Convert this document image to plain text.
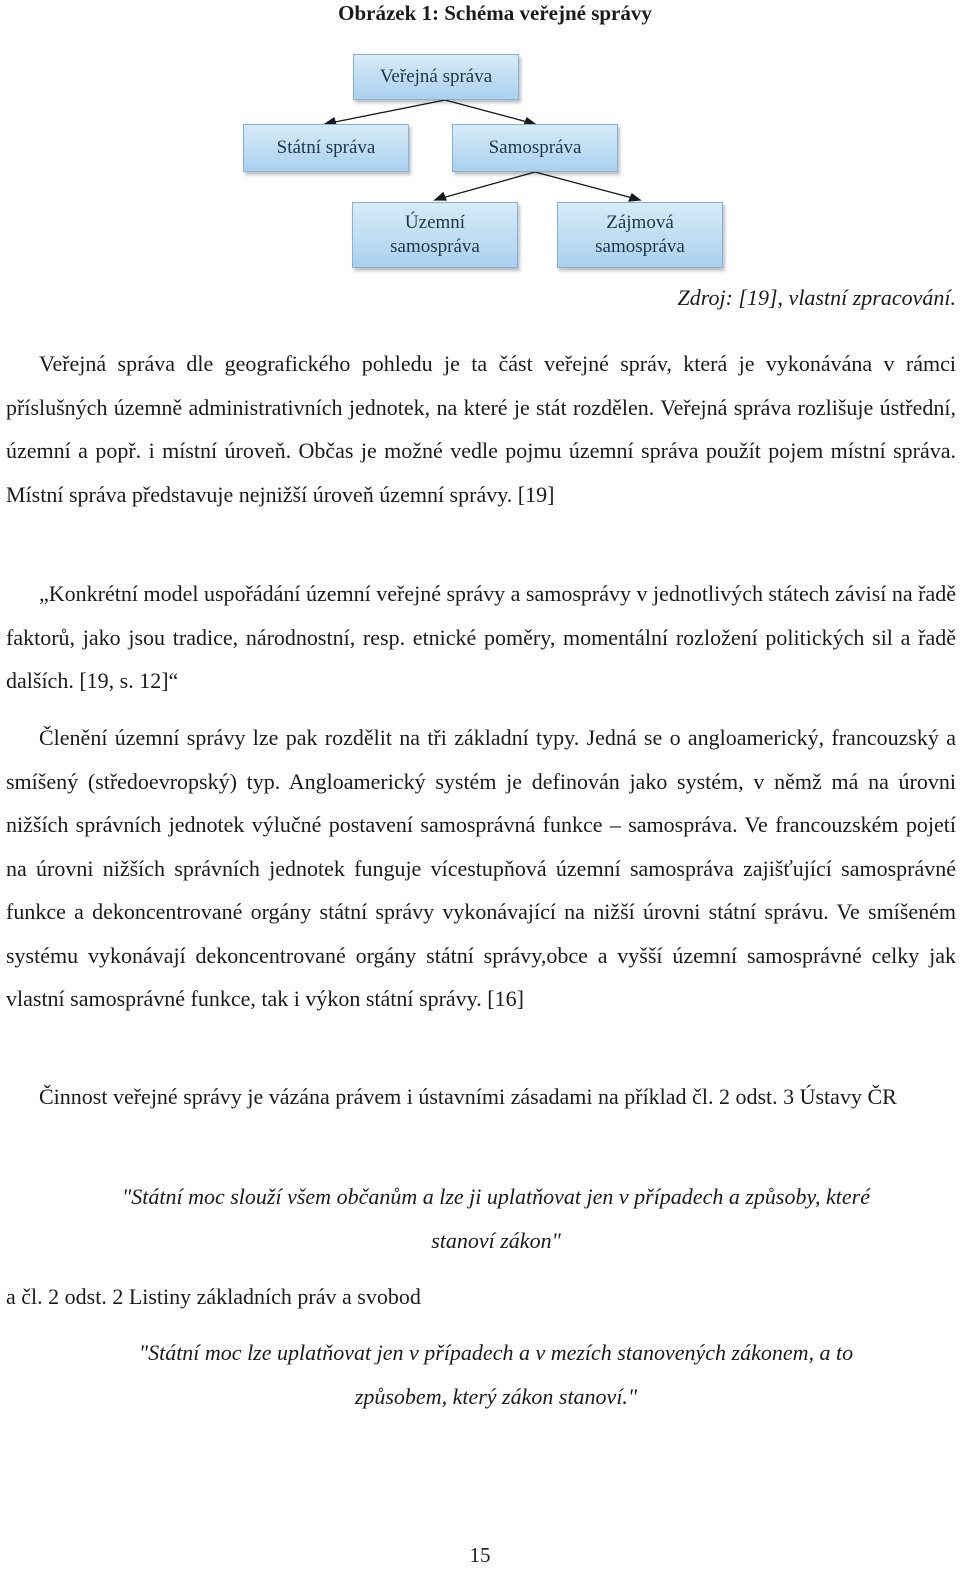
Obrázek 1: Schéma veřejné správy
Veřejná správa
Státní správa	Samospráva
Územní
samospráva
Zájmová
samospráva
Zdroj: [19], vlastní zpracování.

Veřejná správa dle geografického pohledu je ta část veřejné správ, která je vykonávána v rámci příslušných územně administrativních jednotek, na které je stát rozdělen. Veřejná správa rozlišuje ústřední, územní a popř. i místní úroveň. Občas je možné vedle pojmu územní správa použít pojem místní správa. Místní správa představuje nejnižší úroveň územní správy. [19]

„Konkrétní model uspořádání územní veřejné správy a samosprávy v jednotlivých státech závisí na řadě faktorů, jako jsou tradice, národnostní, resp. etnické poměry, momentální rozložení politických sil a řadě dalších. [19, s. 12]“

Členění územní správy lze pak rozdělit na tři základní typy. Jedná se o angloamerický, francouzský a smíšený (středoevropský) typ. Angloamerický systém je definován jako systém, v němž má na úrovni nižších správních jednotek výlučné postavení samosprávná funkce – samospráva. Ve francouzském pojetí na úrovni nižších správních jednotek funguje vícestupňová územní samospráva zajišťující samosprávné funkce a dekoncentrované orgány státní správy vykonávající na nižší úrovni státní správu. Ve smíšeném systému vykonávají dekoncentrované orgány státní správy,obce a vyšší územní samosprávné celky jak vlastní samosprávné funkce, tak i výkon státní správy. [16]

Činnost veřejné správy je vázána právem i ústavními zásadami na příklad čl. 2 odst. 3 Ústavy ČR

"Státní moc slouží všem občanům a lze ji uplatňovat jen v případech a způsoby, které stanoví zákon"

a čl. 2 odst. 2 Listiny základních práv a svobod

"Státní moc lze uplatňovat jen v případech a v mezích stanovených zákonem, a to způsobem, který zákon stanoví."

15
